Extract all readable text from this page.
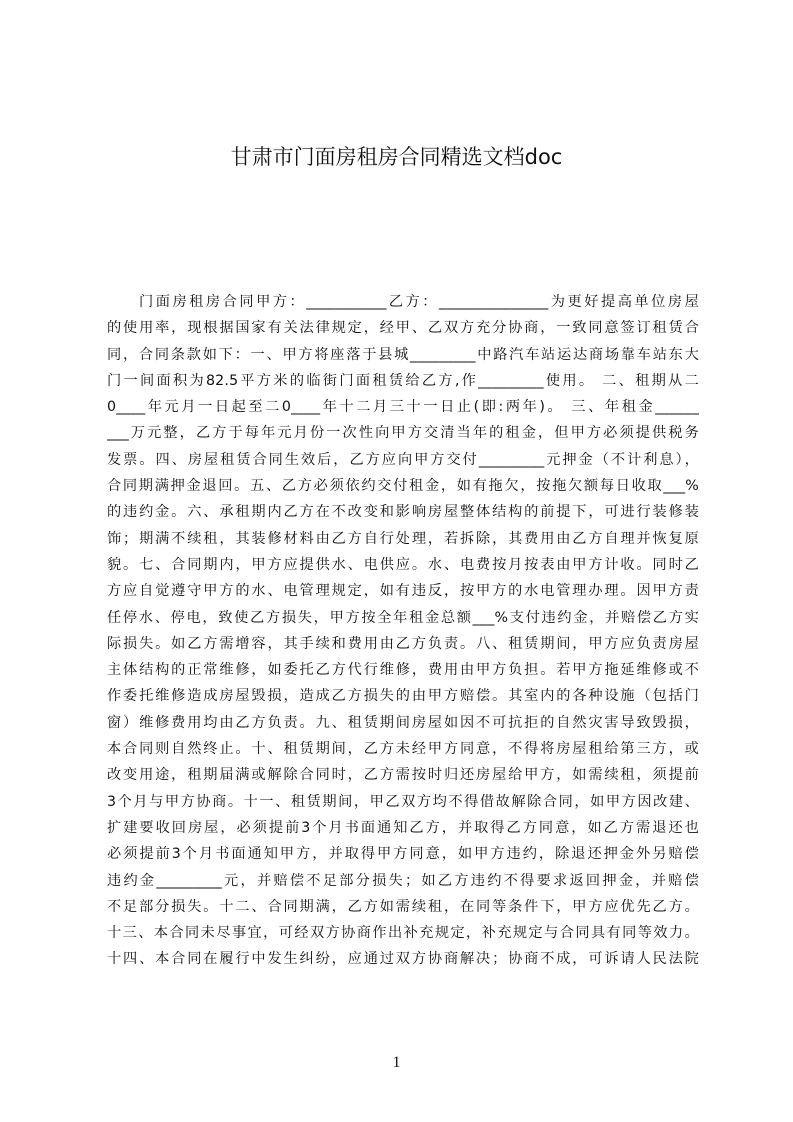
甘肃市门面房租房合同精选文档doc
门面房租房合同甲方：___________乙方：_______________为更好提高单位房屋
的使用率，现根据国家有关法律规定，经甲、乙双方充分协商，一致同意签订租赁合
同，合同条款如下：一、甲方将座落于县城_________中路汽车站运达商场靠车站东大
门一间面积为82.5平方米的临街门面租赁给乙方,作_________使用。 二、租期从二
0____年元月一日起至二0____年十二月三十一日止(即:两年)。 三、年租金______
___万元整，乙方于每年元月份一次性向甲方交清当年的租金，但甲方必须提供税务
发票。四、房屋租赁合同生效后，乙方应向甲方交付_________元押金（不计利息），
合同期满押金退回。五、乙方必须依约交付租金，如有拖欠，按拖欠额每日收取___%
的违约金。六、承租期内乙方在不改变和影响房屋整体结构的前提下，可进行装修装
饰；期满不续租，其装修材料由乙方自行处理，若拆除，其费用由乙方自理并恢复原
貌。七、合同期内，甲方应提供水、电供应。水、电费按月按表由甲方计收。同时乙
方应自觉遵守甲方的水、电管理规定，如有违反，按甲方的水电管理办理。因甲方责
任停水、停电，致使乙方损失，甲方按全年租金总额___%支付违约金，并赔偿乙方实
际损失。如乙方需增容，其手续和费用由乙方负责。八、租赁期间，甲方应负责房屋
主体结构的正常维修，如委托乙方代行维修，费用由甲方负担。若甲方拖延维修或不
作委托维修造成房屋毁损，造成乙方损失的由甲方赔偿。其室内的各种设施（包括门
窗）维修费用均由乙方负责。九、租赁期间房屋如因不可抗拒的自然灾害导致毁损，
本合同则自然终止。十、租赁期间，乙方未经甲方同意，不得将房屋租给第三方，或
改变用途，租期届满或解除合同时，乙方需按时归还房屋给甲方，如需续租，须提前
3个月与甲方协商。十一、租赁期间，甲乙双方均不得借故解除合同，如甲方因改建、
扩建要收回房屋，必须提前3个月书面通知乙方，并取得乙方同意，如乙方需退还也
必须提前3个月书面通知甲方，并取得甲方同意，如甲方违约，除退还押金外另赔偿
违约金_________元，并赔偿不足部分损失；如乙方违约不得要求返回押金，并赔偿
不足部分损失。十二、合同期满，乙方如需续租，在同等条件下，甲方应优先乙方。
十三、本合同未尽事宜，可经双方协商作出补充规定，补充规定与合同具有同等效力。
十四、本合同在履行中发生纠纷，应通过双方协商解决；协商不成，可诉请人民法院
1
